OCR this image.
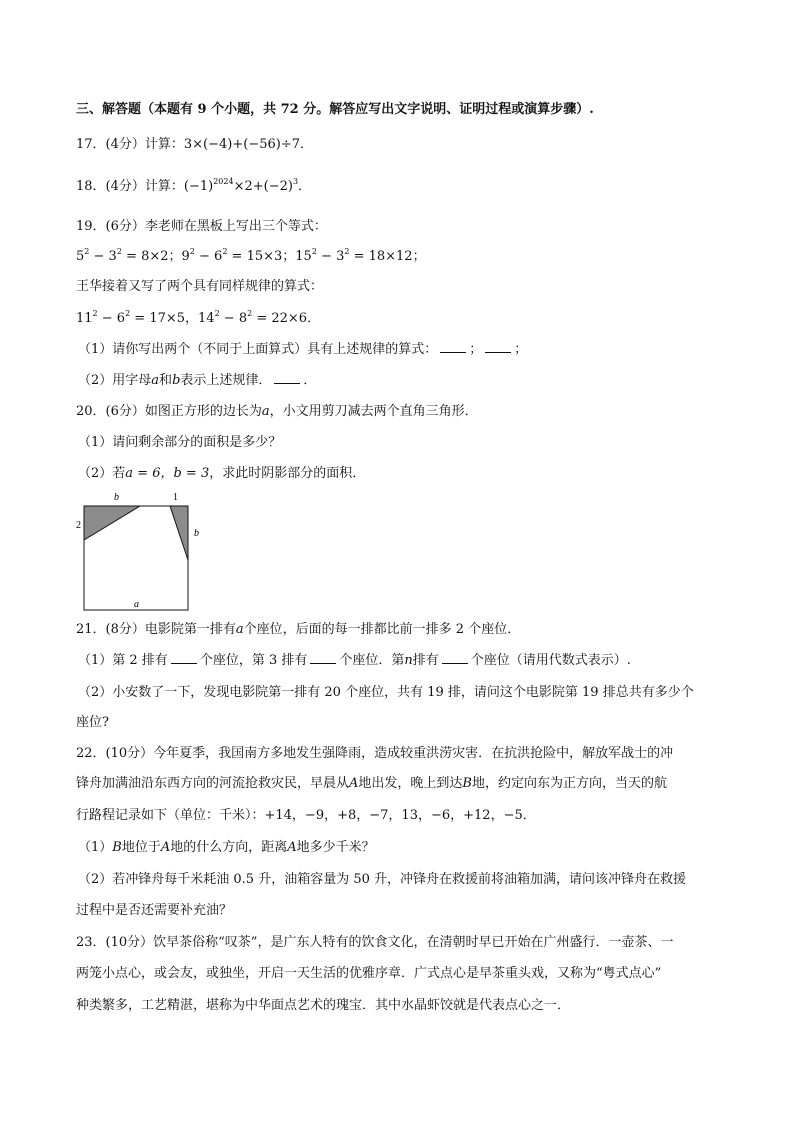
三、解答题（本题有 9 个小题，共 72 分。解答应写出文字说明、证明过程或演算步骤）.
17．(4分）计算：3×(−4)+(−56)÷7．
18．(4分）计算：$(-1)^{2024}\times 2+(-2)^3$．
19．(6分）李老师在黑板上写出三个等式：
$5^2 - 3^2 = 8\times 2$；$9^2 - 6^2 = 15\times 3$；$15^2 - 3^2 = 18\times 12$；
王华接着又写了两个具有同样规律的算式：
$11^2 - 6^2 = 17\times 5$，$14^2 - 8^2 = 22\times 6$．
（1）请你写出两个（不同于上面算式）具有上述规律的算式： ； ；
（2）用字母a和b表示上述规律． ．
20．(6分）如图正方形的边长为a，小文用剪刀减去两个直角三角形．
（1）请问剩余部分的面积是多少？
（2）若a = 6，b = 3，求此时阴影部分的面积．
b	1
2
b
a
21．(8分）电影院第一排有a个座位，后面的每一排都比前一排多 2 个座位．
（1）第 2 排有 个座位，第 3 排有 个座位．第n排有 个座位（请用代数式表示）.
（2）小安数了一下，发现电影院第一排有 20 个座位，共有 19 排，请问这个电影院第 19 排总共有多少个
座位?
22．(10分）今年夏季，我国南方多地发生强降雨，造成较重洪涝灾害．在抗洪抢险中，解放军战士的冲
锋舟加满油沿东西方向的河流抢救灾民，早晨从A地出发，晚上到达B地，约定向东为正方向，当天的航
行路程记录如下（单位：千米）：+14，−9，+8，−7，13，−6，+12，−5．
（1）B地位于A地的什么方向，距离A地多少千米？
（2）若冲锋舟每千米耗油 0.5 升，油箱容量为 50 升，冲锋舟在救援前将油箱加满，请问该冲锋舟在救援
过程中是否还需要补充油？
23．(10分）饮早茶俗称“叹茶”，是广东人特有的饮食文化，在清朝时早已开始在广州盛行．一壶茶、一
两笼小点心，或会友，或独坐，开启一天生活的优雅序章．广式点心是早茶重头戏，又称为“粤式点心”
种类繁多，工艺精湛，堪称为中华面点艺术的瑰宝．其中水晶虾饺就是代表点心之一．
